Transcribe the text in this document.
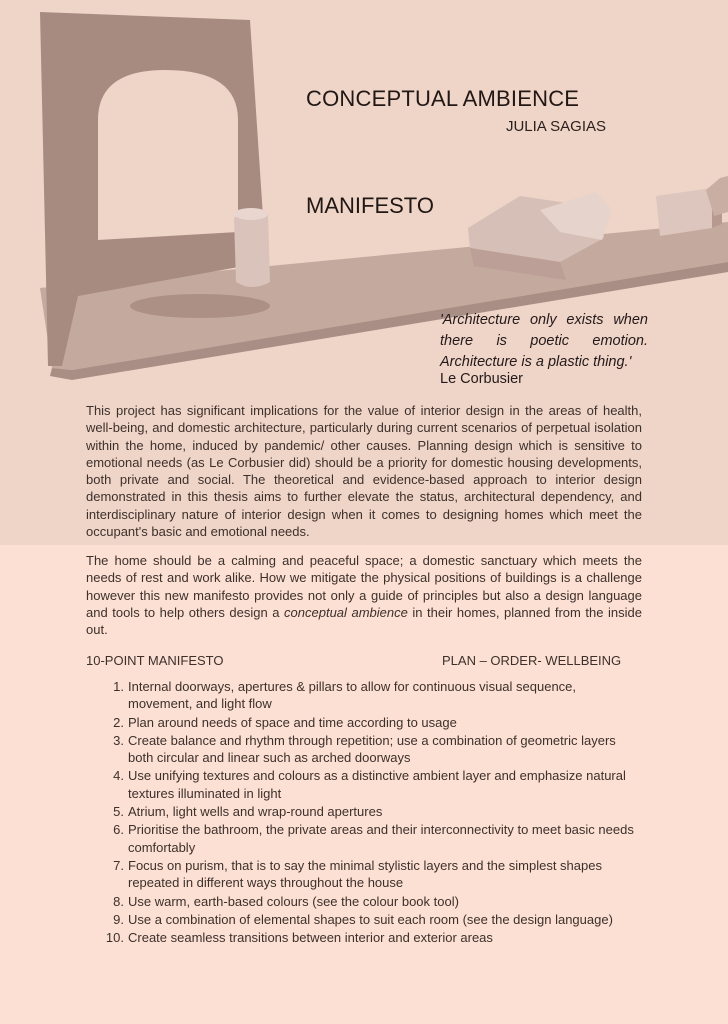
CONCEPTUAL AMBIENCE
JULIA SAGIAS
MANIFESTO
'Architecture only exists when there is poetic emotion. Architecture is a plastic thing.'
Le Corbusier
This project has significant implications for the value of interior design in the areas of health, well-being, and domestic architecture, particularly during current scenarios of perpetual isolation within the home, induced by pandemic/ other causes. Planning design which is sensitive to emotional needs (as Le Corbusier did) should be a priority for domestic housing developments, both private and social. The theoretical and evidence-based approach to interior design demonstrated in this thesis aims to further elevate the status, architectural dependency, and interdisciplinary nature of interior design when it comes to designing homes which meet the occupant's basic and emotional needs.
The home should be a calming and peaceful space; a domestic sanctuary which meets the needs of rest and work alike. How we mitigate the physical positions of buildings is a challenge however this new manifesto provides not only a guide of principles but also a design language and tools to help others design a conceptual ambience in their homes, planned from the inside out.
10-POINT MANIFESTO	PLAN – ORDER- WELLBEING
1. Internal doorways, apertures & pillars to allow for continuous visual sequence, movement, and light flow
2. Plan around needs of space and time according to usage
3. Create balance and rhythm through repetition; use a combination of geometric layers both circular and linear such as arched doorways
4. Use unifying textures and colours as a distinctive ambient layer and emphasize natural textures illuminated in light
5. Atrium, light wells and wrap-round apertures
6. Prioritise the bathroom, the private areas and their interconnectivity to meet basic needs comfortably
7. Focus on purism, that is to say the minimal stylistic layers and the simplest shapes repeated in different ways throughout the house
8. Use warm, earth-based colours (see the colour book tool)
9. Use a combination of elemental shapes to suit each room (see the design language)
10. Create seamless transitions between interior and exterior areas
